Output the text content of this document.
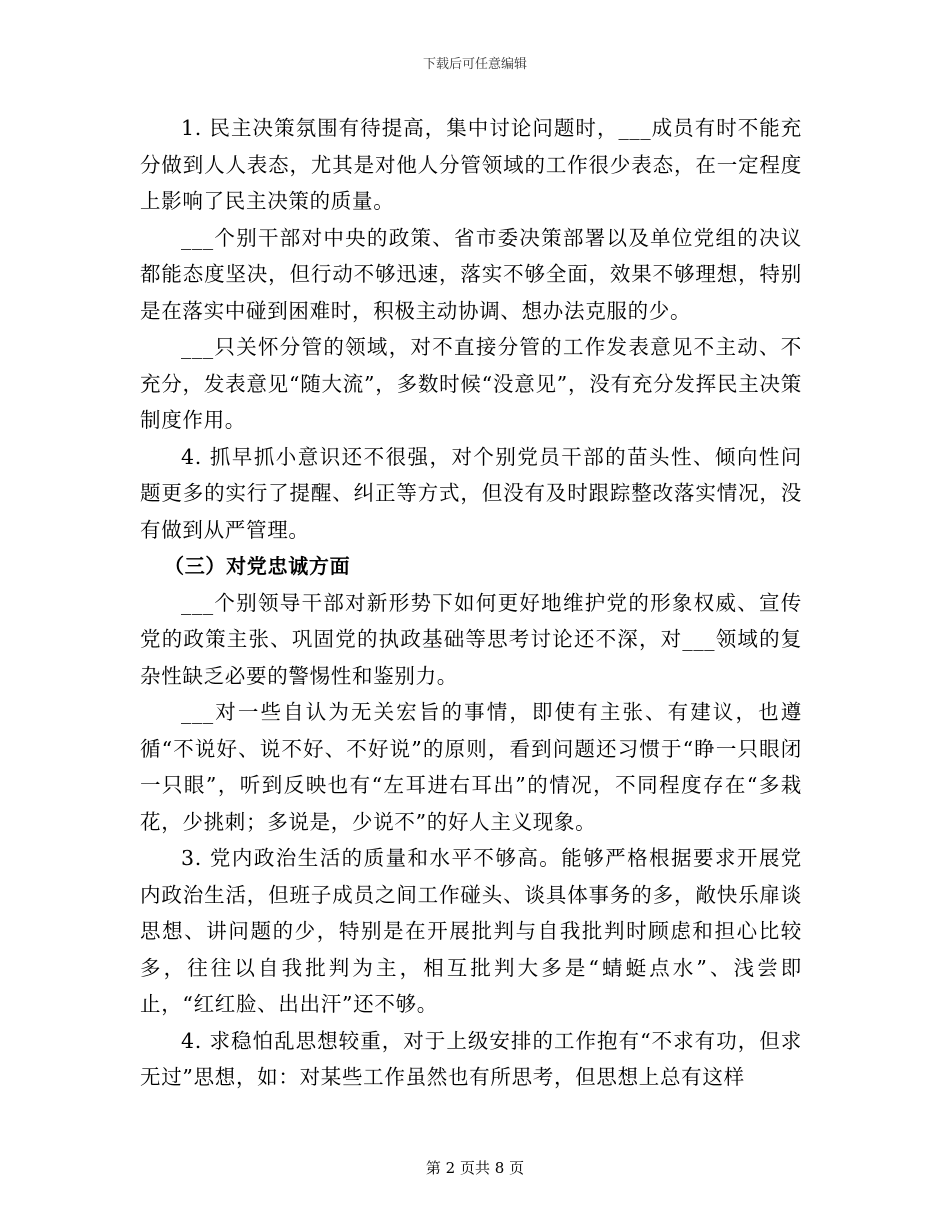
下载后可任意编辑

1. 民主决策氛围有待提高，集中讨论问题时，___成员有时不能充分做到人人表态，尤其是对他人分管领域的工作很少表态，在一定程度上影响了民主决策的质量。

___个别干部对中央的政策、省市委决策部署以及单位党组的决议都能态度坚决，但行动不够迅速，落实不够全面，效果不够理想，特别是在落实中碰到困难时，积极主动协调、想办法克服的少。

___只关怀分管的领域，对不直接分管的工作发表意见不主动、不充分，发表意见“随大流”，多数时候“没意见”，没有充分发挥民主决策制度作用。

4. 抓早抓小意识还不很强，对个别党员干部的苗头性、倾向性问题更多的实行了提醒、纠正等方式，但没有及时跟踪整改落实情况，没有做到从严管理。

（三）对党忠诚方面

___个别领导干部对新形势下如何更好地维护党的形象权威、宣传党的政策主张、巩固党的执政基础等思考讨论还不深，对___领域的复杂性缺乏必要的警惕性和鉴别力。

___对一些自认为无关宏旨的事情，即使有主张、有建议，也遵循“不说好、说不好、不好说”的原则，看到问题还习惯于“睁一只眼闭一只眼”，听到反映也有“左耳进右耳出”的情况，不同程度存在“多栽花，少挑刺；多说是，少说不”的好人主义现象。

3. 党内政治生活的质量和水平不够高。能够严格根据要求开展党内政治生活，但班子成员之间工作碰头、谈具体事务的多，敞快乐扉谈思想、讲问题的少，特别是在开展批判与自我批判时顾虑和担心比较多，往往以自我批判为主，相互批判大多是“蜻蜓点水”、浅尝即止，“红红脸、出出汗”还不够。

4. 求稳怕乱思想较重，对于上级安排的工作抱有“不求有功，但求无过”思想，如：对某些工作虽然也有所思考，但思想上总有这样

第 2 页共 8 页
